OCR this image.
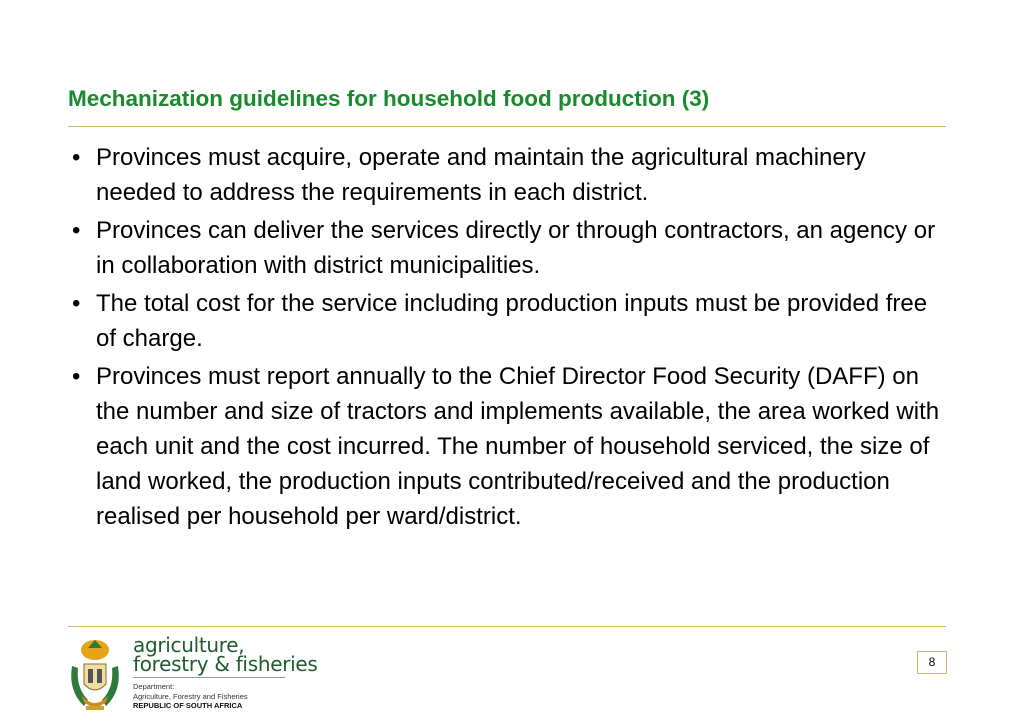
Mechanization guidelines for household food production (3)
• Provinces must acquire, operate and maintain the agricultural machinery needed to address the requirements in each district.
• Provinces can deliver the services directly or through contractors, an agency or in collaboration with district municipalities.
• The total cost for the service including production inputs must be provided free of charge.
• Provinces must report annually to the Chief Director Food Security (DAFF) on the number and size of tractors and implements available, the area worked with each unit and the cost incurred. The number of household serviced, the size of land worked, the production inputs contributed/received and the production realised per household per ward/district.
agriculture,
forestry & fisheries
Department:
Agriculture, Forestry and Fisheries
REPUBLIC OF SOUTH AFRICA
8
